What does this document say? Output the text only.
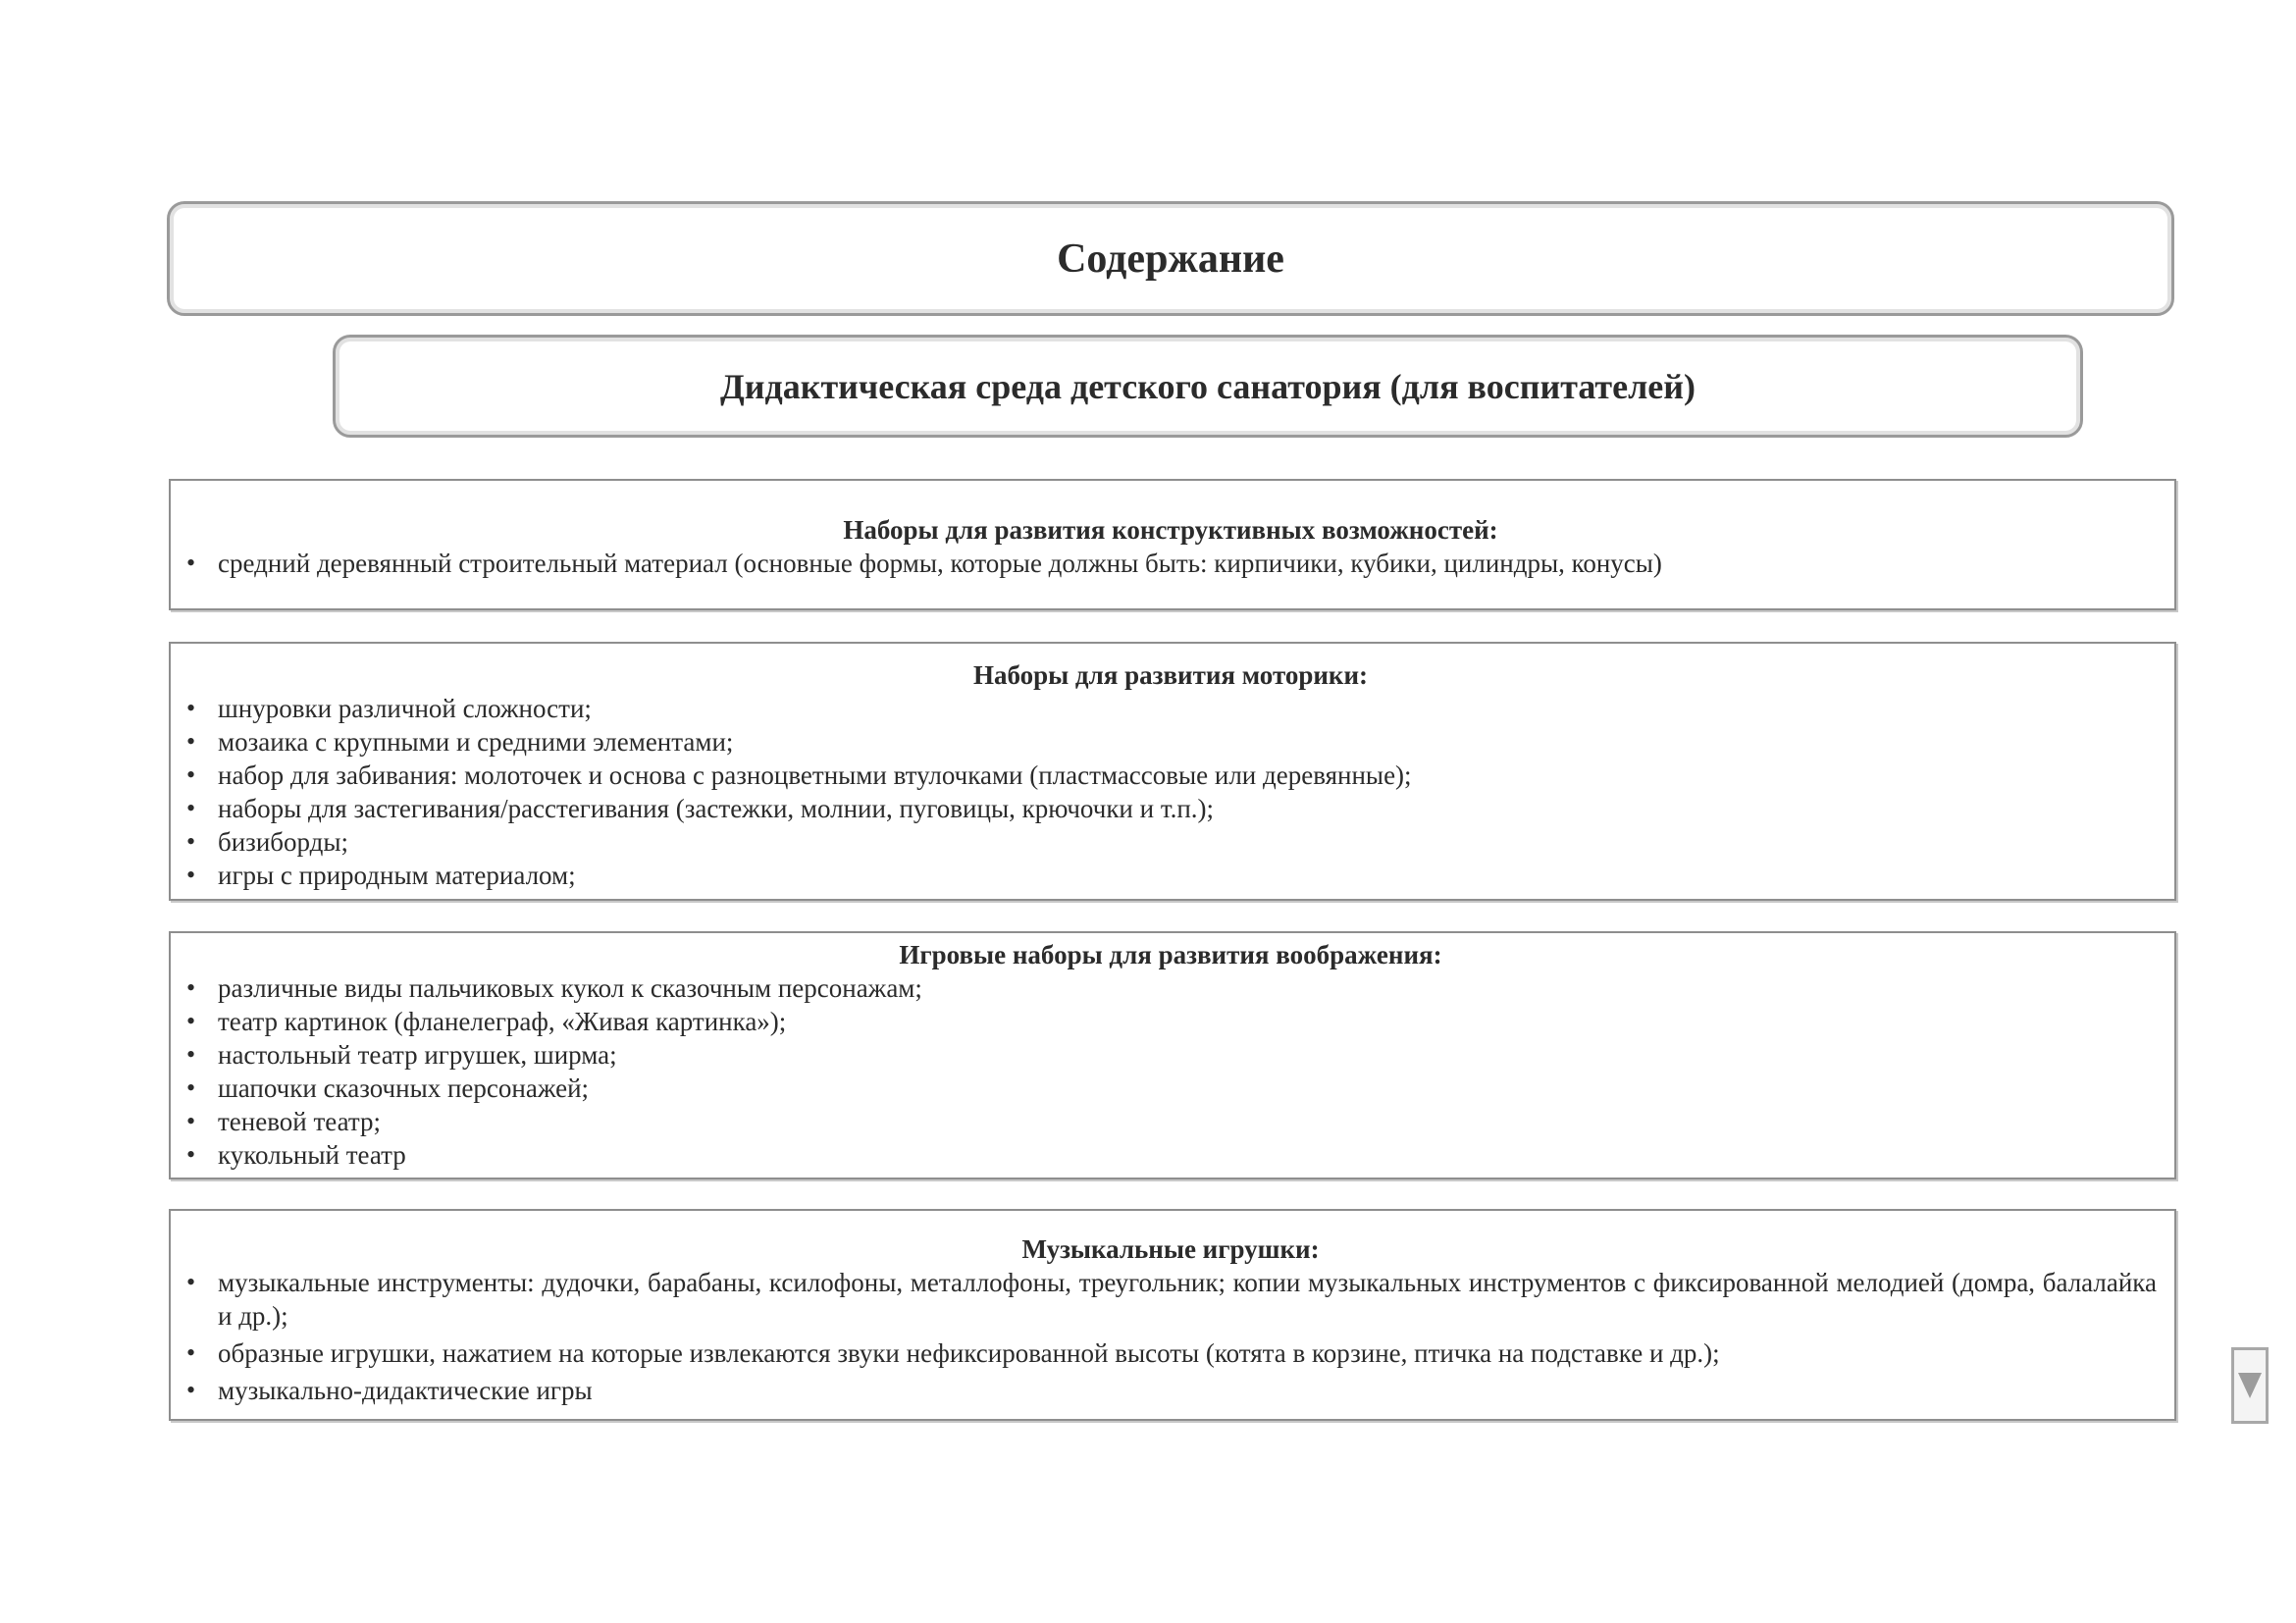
Содержание
Дидактическая среда детского санатория (для воспитателей)
Наборы для развития конструктивных возможностей:
• средний деревянный строительный материал (основные формы, которые должны быть: кирпичики, кубики, цилиндры, конусы)
Наборы для развития моторики:
• шнуровки различной сложности;
• мозаика с крупными и средними элементами;
• набор для забивания: молоточек и основа с разноцветными втулочками (пластмассовые или деревянные);
• наборы для застегивания/расстегивания (застежки, молнии, пуговицы, крючочки и т.п.);
• бизиборды;
• игры с природным материалом;
Игровые наборы для развития воображения:
• различные виды пальчиковых кукол к сказочным персонажам;
• театр картинок (фланелеграф, «Живая картинка»);
• настольный театр игрушек, ширма;
• шапочки сказочных персонажей;
• теневой театр;
• кукольный театр
Музыкальные игрушки:
• музыкальные инструменты: дудочки, барабаны, ксилофоны, металлофоны, треугольник; копии музыкальных инструментов с фиксированной мелодией (домра, балалайка и др.);
• образные игрушки, нажатием на которые извлекаются звуки нефиксированной высоты (котята в корзине, птичка на подставке и др.);
• музыкально-дидактические игры
